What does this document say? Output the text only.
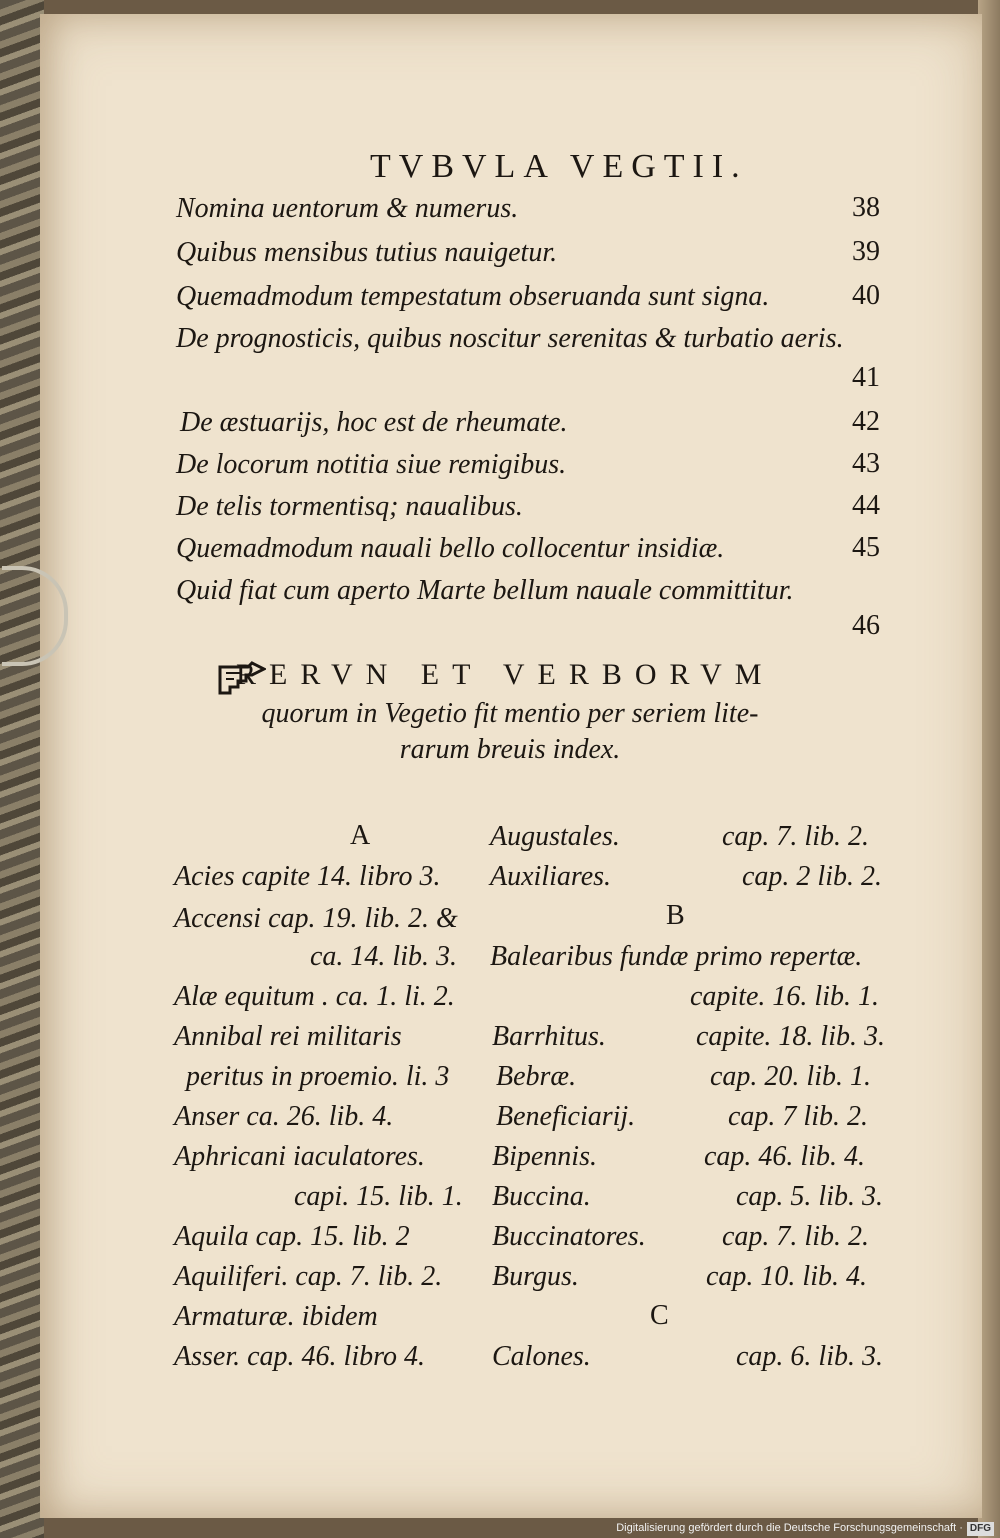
TVBVLA VEGTII.
Nomina uentorum & numerus.	38
Quibus mensibus tutius nauigetur.	39
Quemadmodum tempestatum obseruanda sunt signa.	40
De prognosticis, quibus noscitur serenitas & turbatio aeris.
41
De æstuarijs, hoc est de rheumate.	42
De locorum notitia siue remigibus.	43
De telis tormentisq; naualibus.	44
Quemadmodum nauali bello collocentur insidiæ.	45
Quid fiat cum aperto Marte bellum nauale committitur.
46
RERVN ET VERBORVM
quorum in Vegetio fit mentio per seriem lite-
rarum breuis index.
A
Acies capite 14. libro 3.
Accensi cap. 19. lib. 2. &
ca. 14. lib. 3.
Alæ equitum . ca. 1. li. 2.
Annibal rei militaris
peritus in proemio. li. 3
Anser ca. 26. lib. 4.
Aphricani iaculatores.
capi. 15. lib. 1.
Aquila cap. 15. lib. 2
Aquiliferi. cap. 7. lib. 2.
Armaturæ. ibidem
Asser. cap. 46. libro 4.
Augustales.	cap. 7. lib. 2.
Auxiliares.	cap. 2 lib. 2.
B
Balearibus fundæ primo repertæ.
capite. 16. lib. 1.
Barrhitus.	capite. 18. lib. 3.
Bebræ.	cap. 20. lib. 1.
Beneficiarij.	cap. 7 lib. 2.
Bipennis.	cap. 46. lib. 4.
Buccina.	cap. 5. lib. 3.
Buccinatores.	cap. 7. lib. 2.
Burgus.	cap. 10. lib. 4.
C
Calones.	cap. 6. lib. 3.
Digitalisierung gefördert durch die Deutsche Forschungsgemeinschaft · DFG
